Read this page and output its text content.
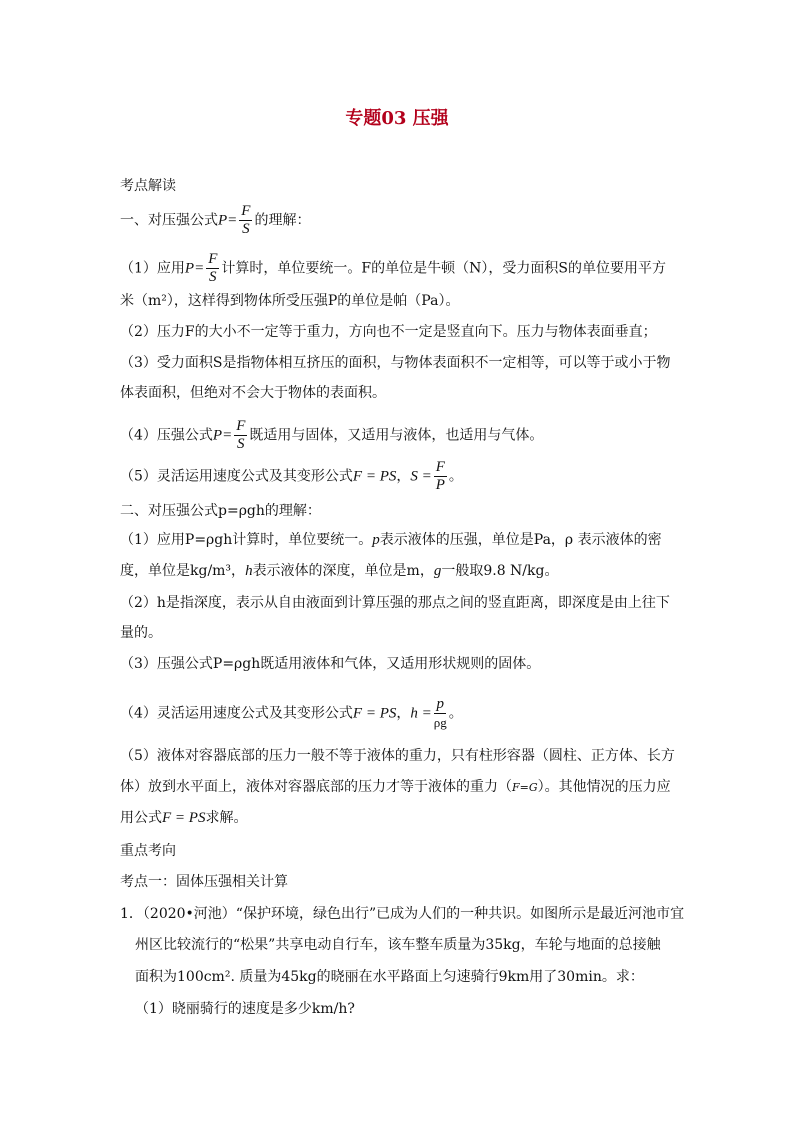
专题03 压强
考点解读
一、对压强公式$P= \frac{F}{S}$ 的理解：
（1）应用$P= \frac{F}{S}$ 计算时，单位要统一。F的单位是牛顿（N），受力面积S的单位要用平方
米（m²），这样得到物体所受压强P的单位是帕（Pa）。
（2）压力F的大小不一定等于重力，方向也不一定是竖直向下。压力与物体表面垂直；
（3）受力面积S是指物体相互挤压的面积，与物体表面积不一定相等，可以等于或小于物
体表面积，但绝对不会大于物体的表面积。
（4）压强公式$P= \frac{F}{S}$ 既适用与固体，又适用与液体，也适用与气体。
（5）灵活运用速度公式及其变形公式F = PS，$S = \frac{F}{P}$ 。
二、对压强公式p=ρgh的理解：
（1）应用P=ρgh计算时，单位要统一。p表示液体的压强，单位是Pa，ρ 表示液体的密
度，单位是kg/m³，h表示液体的深度，单位是m，g一般取9.8 N/kg。
（2）h是指深度，表示从自由液面到计算压强的那点之间的竖直距离，即深度是由上往下
量的。
（3）压强公式P=ρgh既适用液体和气体，又适用形状规则的固体。
（4）灵活运用速度公式及其变形公式F = PS，$h = \frac{p}{\rho g}$ 。
（5）液体对容器底部的压力一般不等于液体的重力，只有柱形容器（圆柱、正方体、长方
体）放到水平面上，液体对容器底部的压力才等于液体的重力（F=G）。其他情况的压力应
用公式F = PS求解。
重点考向
考点一：固体压强相关计算
1．（2020•河池）“保护环境，绿色出行”已成为人们的一种共识。如图所示是最近河池市宜
州区比较流行的“松果”共享电动自行车，该车整车质量为35kg，车轮与地面的总接触
面积为100cm². 质量为45kg的晓丽在水平路面上匀速骑行9km用了30min。求：
（1）晓丽骑行的速度是多少km/h?
